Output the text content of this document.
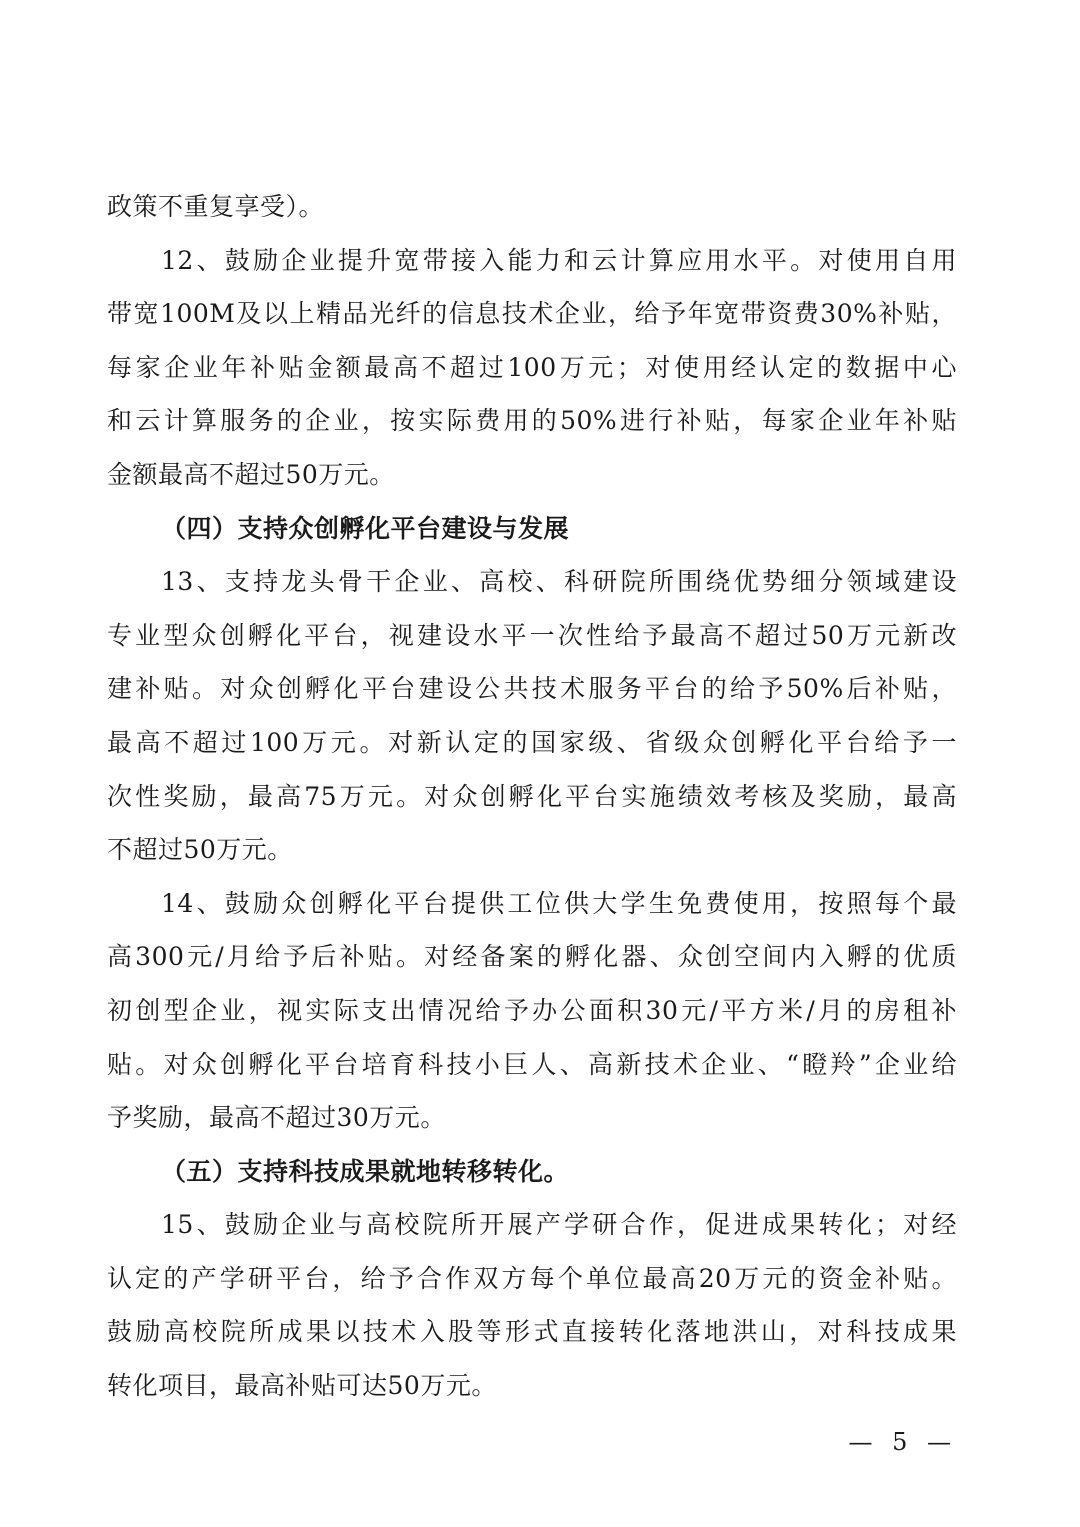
政策不重复享受）。
12、鼓励企业提升宽带接入能力和云计算应用水平。对使用自用
带宽100M及以上精品光纤的信息技术企业，给予年宽带资费30%补贴，
每家企业年补贴金额最高不超过100万元；对使用经认定的数据中心
和云计算服务的企业，按实际费用的50%进行补贴，每家企业年补贴
金额最高不超过50万元。
（四）支持众创孵化平台建设与发展
13、支持龙头骨干企业、高校、科研院所围绕优势细分领域建设
专业型众创孵化平台，视建设水平一次性给予最高不超过50万元新改
建补贴。对众创孵化平台建设公共技术服务平台的给予50%后补贴，
最高不超过100万元。对新认定的国家级、省级众创孵化平台给予一
次性奖励，最高75万元。对众创孵化平台实施绩效考核及奖励，最高
不超过50万元。
14、鼓励众创孵化平台提供工位供大学生免费使用，按照每个最
高300元/月给予后补贴。对经备案的孵化器、众创空间内入孵的优质
初创型企业，视实际支出情况给予办公面积30元/平方米/月的房租补
贴。对众创孵化平台培育科技小巨人、高新技术企业、“瞪羚”企业给
予奖励，最高不超过30万元。
（五）支持科技成果就地转移转化。
15、鼓励企业与高校院所开展产学研合作，促进成果转化；对经
认定的产学研平台，给予合作双方每个单位最高20万元的资金补贴。
鼓励高校院所成果以技术入股等形式直接转化落地洪山，对科技成果
转化项目，最高补贴可达50万元。
— 5 —
